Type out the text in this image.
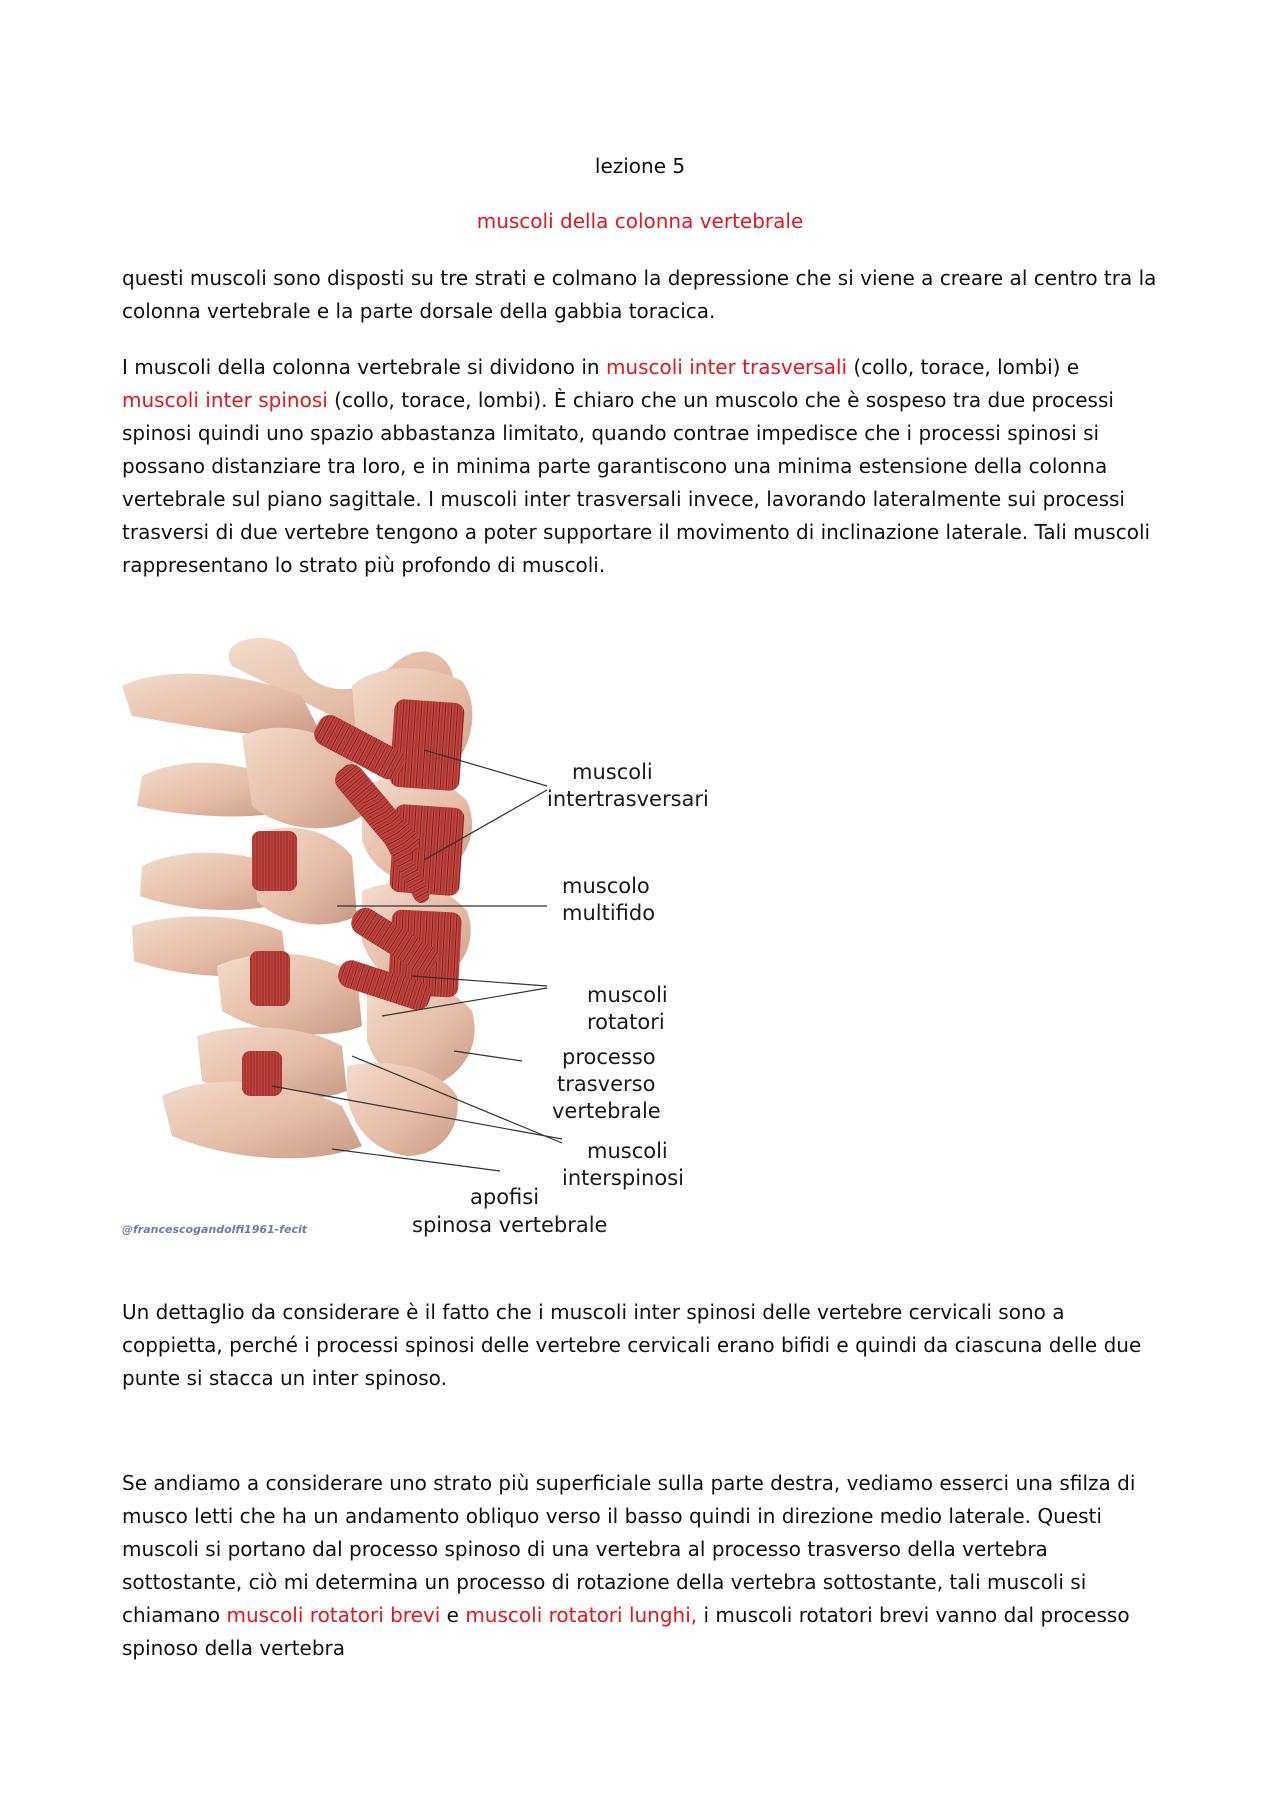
lezione 5
muscoli della colonna vertebrale

questi muscoli sono disposti su tre strati e colmano la depressione che si viene a creare al centro tra la colonna vertebrale e la parte dorsale della gabbia toracica.

I muscoli della colonna vertebrale si dividono in muscoli inter trasversali (collo, torace, lombi) e muscoli inter spinosi (collo, torace, lombi). È chiaro che un muscolo che è sospeso tra due processi spinosi quindi uno spazio abbastanza limitato, quando contrae impedisce che i processi spinosi si possano distanziare tra loro, e in minima parte garantiscono una minima estensione della colonna vertebrale sul piano sagittale. I muscoli inter trasversali invece, lavorando lateralmente sui processi trasversi di due vertebre tengono a poter supportare il movimento di inclinazione laterale. Tali muscoli rappresentano lo strato più profondo di muscoli.

muscoli
intertrasversari
muscolo
multifido
muscoli
rotatori
processo
trasverso
vertebrale
muscoli
interspinosi
apofisi
spinosa vertebrale
@francescogandolfi1961-fecit

Un dettaglio da considerare è il fatto che i muscoli inter spinosi delle vertebre cervicali sono a coppietta, perché i processi spinosi delle vertebre cervicali erano bifidi e quindi da ciascuna delle due punte si stacca un inter spinoso.

Se andiamo a considerare uno strato più superficiale sulla parte destra, vediamo esserci una sfilza di musco letti che ha un andamento obliquo verso il basso quindi in direzione medio laterale. Questi muscoli si portano dal processo spinoso di una vertebra al processo trasverso della vertebra sottostante, ciò mi determina un processo di rotazione della vertebra sottostante, tali muscoli si chiamano muscoli rotatori brevi e muscoli rotatori lunghi, i muscoli rotatori brevi vanno dal processo spinoso della vertebra
